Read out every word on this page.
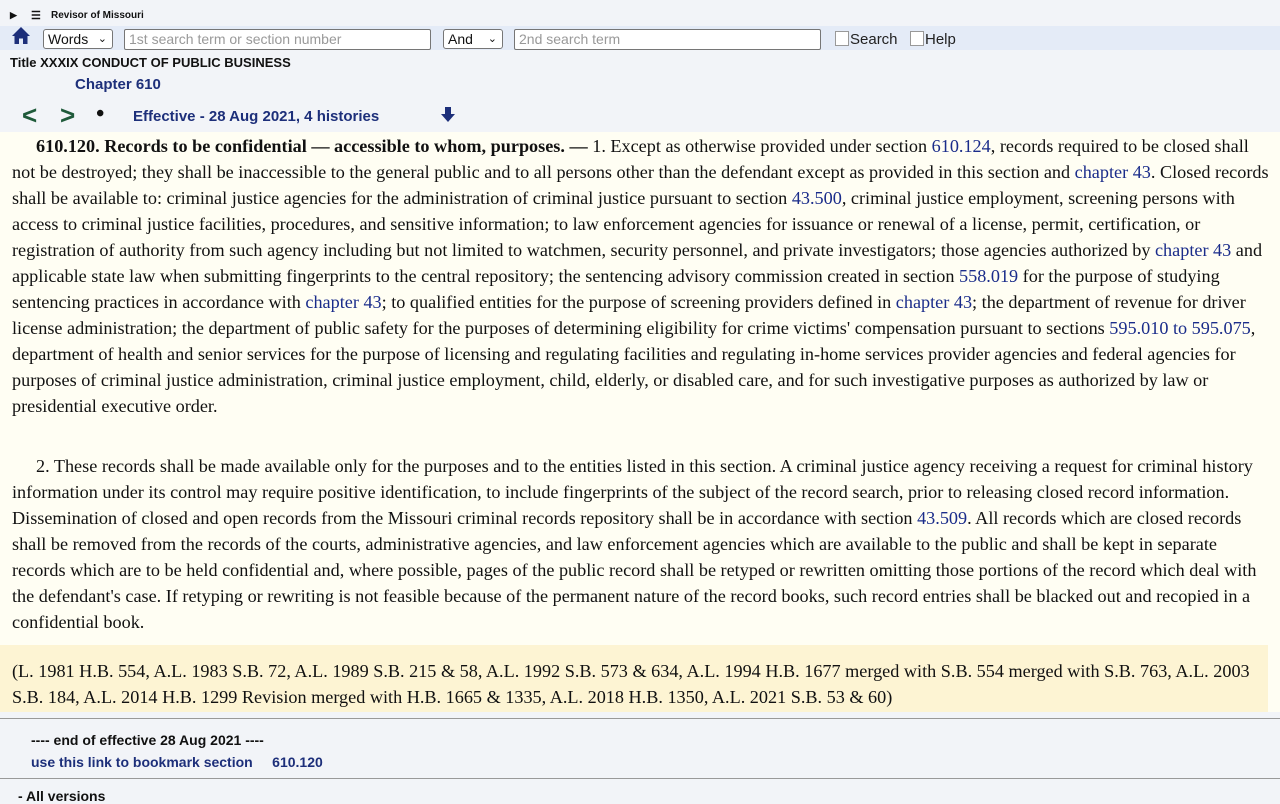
▶ ☰ Revisor of Missouri
Words ⌄	1st search term or section number	And ⌄	2nd search term	Search	Help
Title XXXIX CONDUCT OF PUBLIC BUSINESS
Chapter 610
< > • Effective - 28 Aug 2021, 4 histories

610.120. Records to be confidential — accessible to whom, purposes. — 1. Except as otherwise provided under section 610.124, records required to be closed shall not be destroyed; they shall be inaccessible to the general public and to all persons other than the defendant except as provided in this section and chapter 43. Closed records shall be available to: criminal justice agencies for the administration of criminal justice pursuant to section 43.500, criminal justice employment, screening persons with access to criminal justice facilities, procedures, and sensitive information; to law enforcement agencies for issuance or renewal of a license, permit, certification, or registration of authority from such agency including but not limited to watchmen, security personnel, and private investigators; those agencies authorized by chapter 43 and applicable state law when submitting fingerprints to the central repository; the sentencing advisory commission created in section 558.019 for the purpose of studying sentencing practices in accordance with chapter 43; to qualified entities for the purpose of screening providers defined in chapter 43; the department of revenue for driver license administration; the department of public safety for the purposes of determining eligibility for crime victims' compensation pursuant to sections 595.010 to 595.075, department of health and senior services for the purpose of licensing and regulating facilities and regulating in-home services provider agencies and federal agencies for purposes of criminal justice administration, criminal justice employment, child, elderly, or disabled care, and for such investigative purposes as authorized by law or presidential executive order.

2. These records shall be made available only for the purposes and to the entities listed in this section. A criminal justice agency receiving a request for criminal history information under its control may require positive identification, to include fingerprints of the subject of the record search, prior to releasing closed record information. Dissemination of closed and open records from the Missouri criminal records repository shall be in accordance with section 43.509. All records which are closed records shall be removed from the records of the courts, administrative agencies, and law enforcement agencies which are available to the public and shall be kept in separate records which are to be held confidential and, where possible, pages of the public record shall be retyped or rewritten omitting those portions of the record which deal with the defendant's case. If retyping or rewriting is not feasible because of the permanent nature of the record books, such record entries shall be blacked out and recopied in a confidential book.

(L. 1981 H.B. 554, A.L. 1983 S.B. 72, A.L. 1989 S.B. 215 & 58, A.L. 1992 S.B. 573 & 634, A.L. 1994 H.B. 1677 merged with S.B. 554 merged with S.B. 763, A.L. 2003 S.B. 184, A.L. 2014 H.B. 1299 Revision merged with H.B. 1665 & 1335, A.L. 2018 H.B. 1350, A.L. 2021 S.B. 53 & 60)

---- end of effective 28 Aug 2021 ----
use this link to bookmark section 610.120
- All versions
